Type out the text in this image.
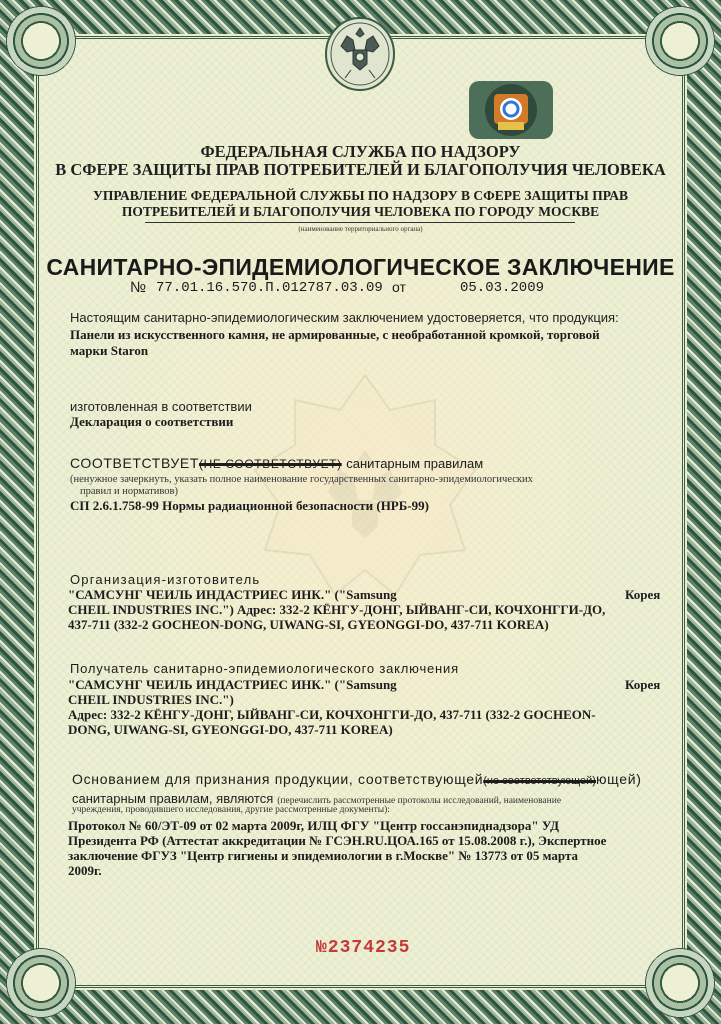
ФЕДЕРАЛЬНАЯ СЛУЖБА ПО НАДЗОРУ
В СФЕРЕ ЗАЩИТЫ ПРАВ ПОТРЕБИТЕЛЕЙ И БЛАГОПОЛУЧИЯ ЧЕЛОВЕКА
УПРАВЛЕНИЕ ФЕДЕРАЛЬНОЙ СЛУЖБЫ ПО НАДЗОРУ В СФЕРЕ ЗАЩИТЫ ПРАВ
ПОТРЕБИТЕЛЕЙ И БЛАГОПОЛУЧИЯ ЧЕЛОВЕКА ПО ГОРОДУ МОСКВЕ
(наименование территориального органа)
САНИТАРНО-ЭПИДЕМИОЛОГИЧЕСКОЕ ЗАКЛЮЧЕНИЕ
№ 77.01.16.570.П.012787.03.09 от	05.03.2009
Настоящим санитарно-эпидемиологическим заключением удостоверяется, что продукция:
Панели из искусственного камня, не армированные, с необработанной кромкой, торговой
марки Staron
изготовленная в соответствии
Декларация о соответствии
СООТВЕТСТВУЕТ(НЕ СООТВЕТСТВУЕТ) санитарным правилам
(ненужное зачеркнуть, указать полное наименование государственных санитарно-эпидемиологических
правил и нормативов)
СП 2.6.1.758-99 Нормы радиационной безопасности (НРБ-99)
Организация-изготовитель
"САМСУНГ ЧЕИЛЬ ИНДАСТРИЕС ИНК." ("Samsung	Корея
CHEIL INDUSTRIES INC.") Адрес: 332-2 КЁНГУ-ДОНГ, ЫЙВАНГ-СИ, КОЧХОНГГИ-ДО,
437-711 (332-2 GOCHEON-DONG, UIWANG-SI, GYEONGGI-DO, 437-711 KOREA)
Получатель санитарно-эпидемиологического заключения
"САМСУНГ ЧЕИЛЬ ИНДАСТРИЕС ИНК." ("Samsung	Корея
CHEIL INDUSTRIES INC.")
Адрес: 332-2 КЁНГУ-ДОНГ, ЫЙВАНГ-СИ, КОЧХОНГГИ-ДО, 437-711 (332-2 GOCHEON-
DONG, UIWANG-SI, GYEONGGI-DO, 437-711 KOREA)
Основанием для признания продукции, соответствующей(не соответствующей)ющей)
санитарным правилам, являются (перечислить рассмотренные протоколы исследований, наименование
учреждения, проводившего исследования, другие рассмотренные документы):
Протокол № 60/ЭТ-09 от 02 марта 2009г, ИЛЦ ФГУ "Центр госсанэпиднадзора" УД
Президента РФ (Аттестат аккредитации № ГСЭН.RU.ЦОА.165 от 15.08.2008 г.), Экспертное
заключение ФГУЗ "Центр гигиены и эпидемиологии в г.Москве" № 13773 от 05 марта
2009г.
№2374235
